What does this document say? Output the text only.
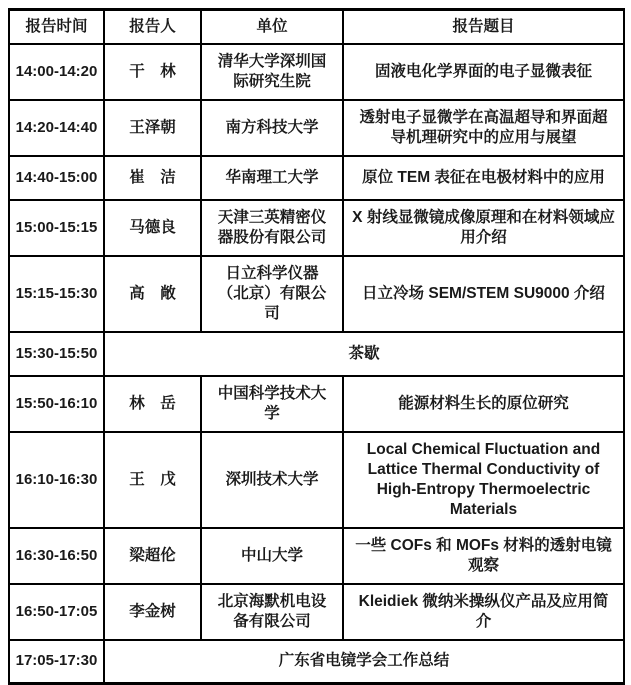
报告时间	报告人	单位	报告题目
14:00-14:20	干　林	清华大学深圳国际研究生院	固液电化学界面的电子显微表征
14:20-14:40	王泽朝	南方科技大学	透射电子显微学在高温超导和界面超导机理研究中的应用与展望
14:40-15:00	崔　洁	华南理工大学	原位 TEM 表征在电极材料中的应用
15:00-15:15	马德良	天津三英精密仪器股份有限公司	X 射线显微镜成像原理和在材料领域应用介绍
15:15-15:30	高　敞	日立科学仪器（北京）有限公司	日立冷场 SEM/STEM SU9000 介绍
15:30-15:50	茶歇		
15:50-16:10	林　岳	中国科学技术大学	能源材料生长的原位研究
16:10-16:30	王　戊	深圳技术大学	Local Chemical Fluctuation and Lattice Thermal Conductivity of High-Entropy Thermoelectric Materials
16:30-16:50	梁超伦	中山大学	一些 COFs 和 MOFs 材料的透射电镜观察
16:50-17:05	李金树	北京海默机电设备有限公司	Kleidiek 微纳米操纵仪产品及应用简介
17:05-17:30	广东省电镜学会工作总结		
